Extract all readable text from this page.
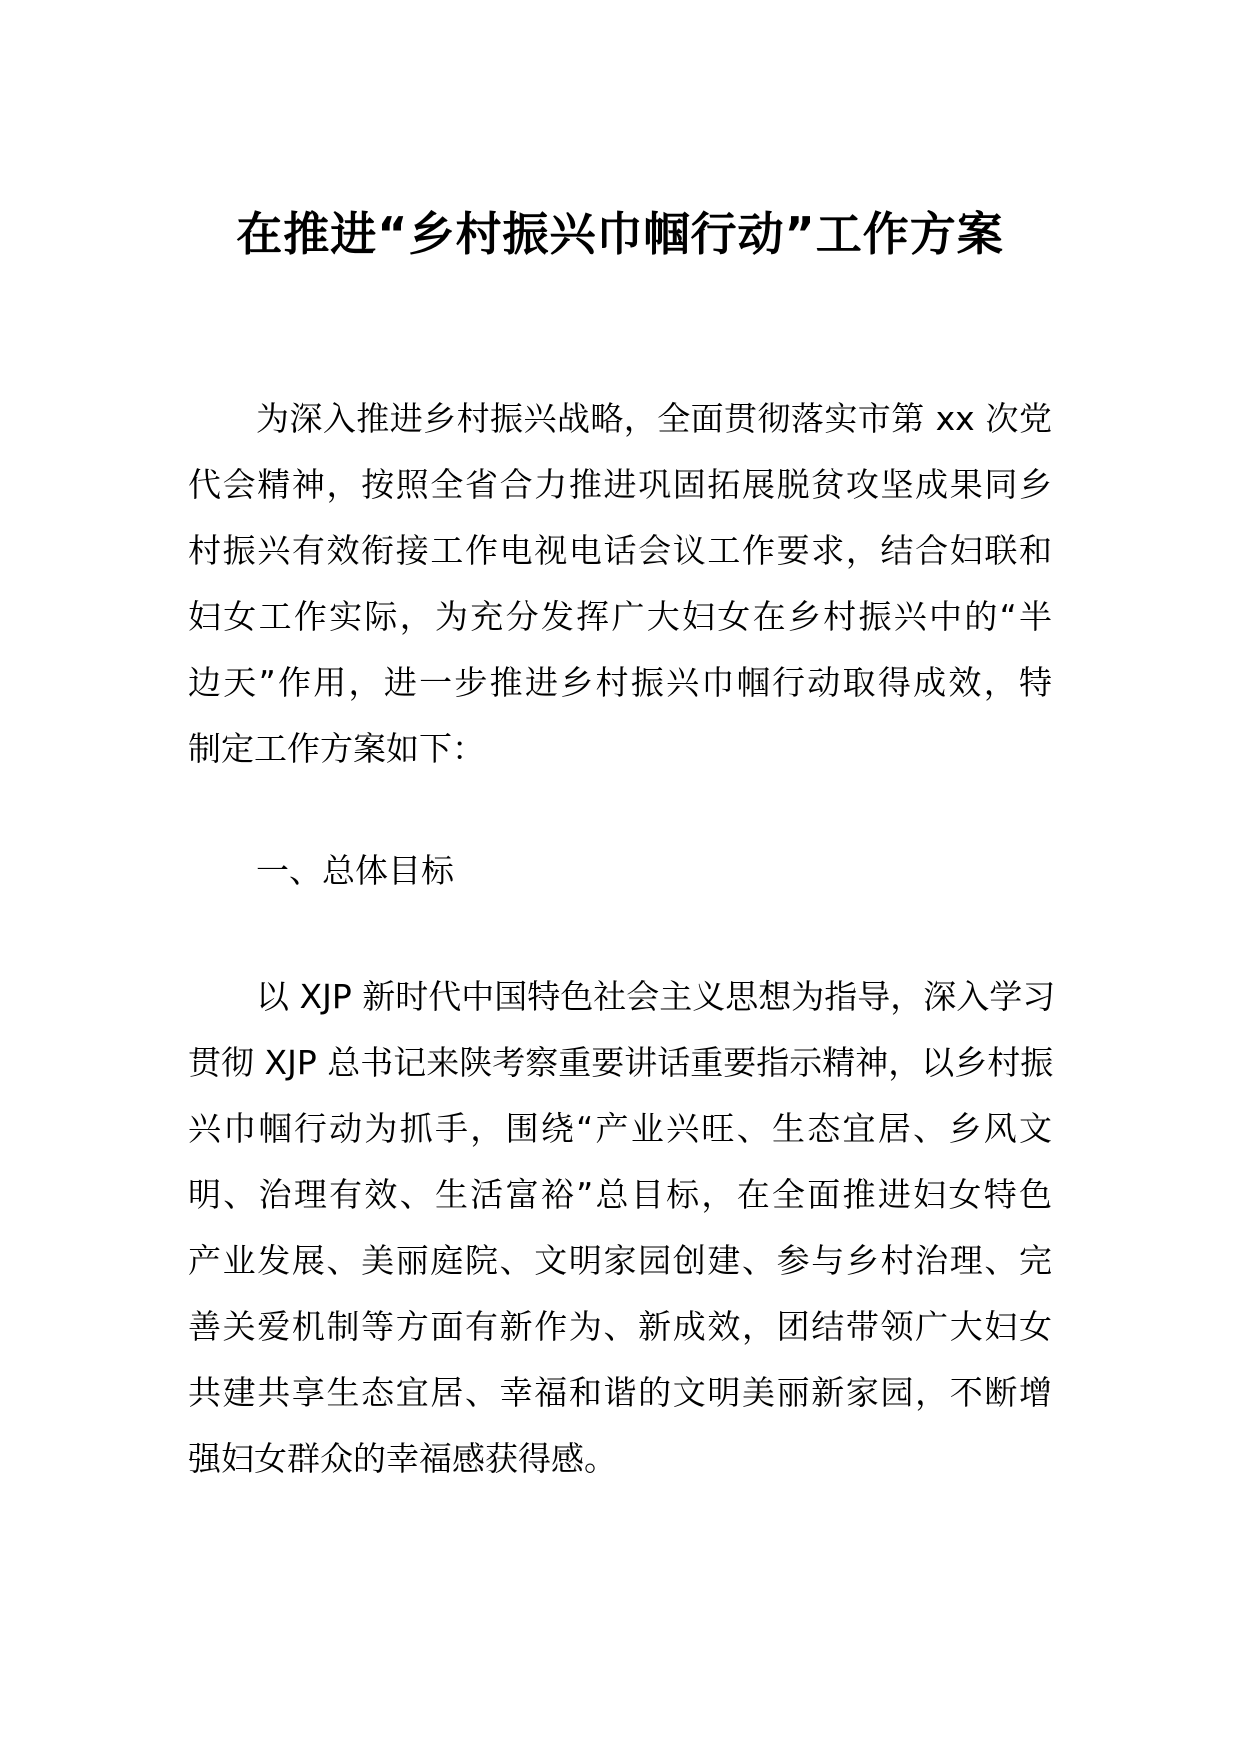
在推进“乡村振兴巾帼行动”工作方案
为深入推进乡村振兴战略，全面贯彻落实市第 xx 次党
代会精神，按照全省合力推进巩固拓展脱贫攻坚成果同乡
村振兴有效衔接工作电视电话会议工作要求，结合妇联和
妇女工作实际，为充分发挥广大妇女在乡村振兴中的“半
边天”作用，进一步推进乡村振兴巾帼行动取得成效，特
制定工作方案如下：
一、总体目标
以 XJP 新时代中国特色社会主义思想为指导，深入学习
贯彻 XJP 总书记来陕考察重要讲话重要指示精神，以乡村振
兴巾帼行动为抓手，围绕“产业兴旺、生态宜居、乡风文
明、治理有效、生活富裕”总目标，在全面推进妇女特色
产业发展、美丽庭院、文明家园创建、参与乡村治理、完
善关爱机制等方面有新作为、新成效，团结带领广大妇女
共建共享生态宜居、幸福和谐的文明美丽新家园，不断增
强妇女群众的幸福感获得感。
